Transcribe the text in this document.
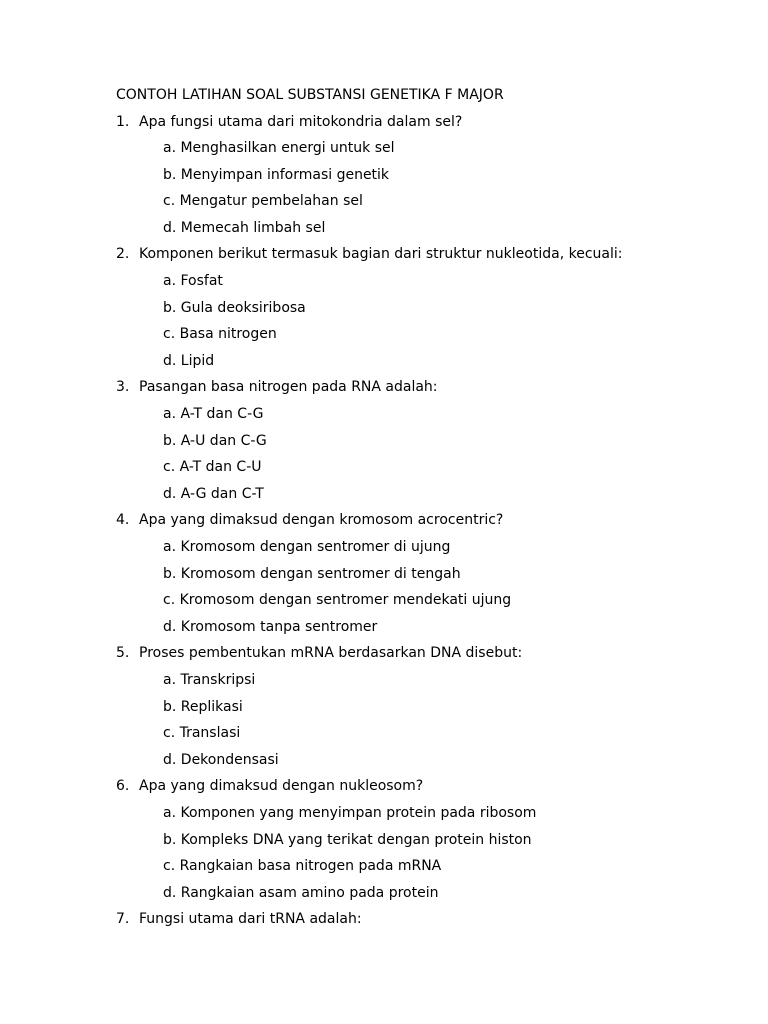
CONTOH LATIHAN SOAL SUBSTANSI GENETIKA F MAJOR
1. Apa fungsi utama dari mitokondria dalam sel?
a. Menghasilkan energi untuk sel
b. Menyimpan informasi genetik
c. Mengatur pembelahan sel
d. Memecah limbah sel
2. Komponen berikut termasuk bagian dari struktur nukleotida, kecuali:
a. Fosfat
b. Gula deoksiribosa
c. Basa nitrogen
d. Lipid
3. Pasangan basa nitrogen pada RNA adalah:
a. A-T dan C-G
b. A-U dan C-G
c. A-T dan C-U
d. A-G dan C-T
4. Apa yang dimaksud dengan kromosom acrocentric?
a. Kromosom dengan sentromer di ujung
b. Kromosom dengan sentromer di tengah
c. Kromosom dengan sentromer mendekati ujung
d. Kromosom tanpa sentromer
5. Proses pembentukan mRNA berdasarkan DNA disebut:
a. Transkripsi
b. Replikasi
c. Translasi
d. Dekondensasi
6. Apa yang dimaksud dengan nukleosom?
a. Komponen yang menyimpan protein pada ribosom
b. Kompleks DNA yang terikat dengan protein histon
c. Rangkaian basa nitrogen pada mRNA
d. Rangkaian asam amino pada protein
7. Fungsi utama dari tRNA adalah:
